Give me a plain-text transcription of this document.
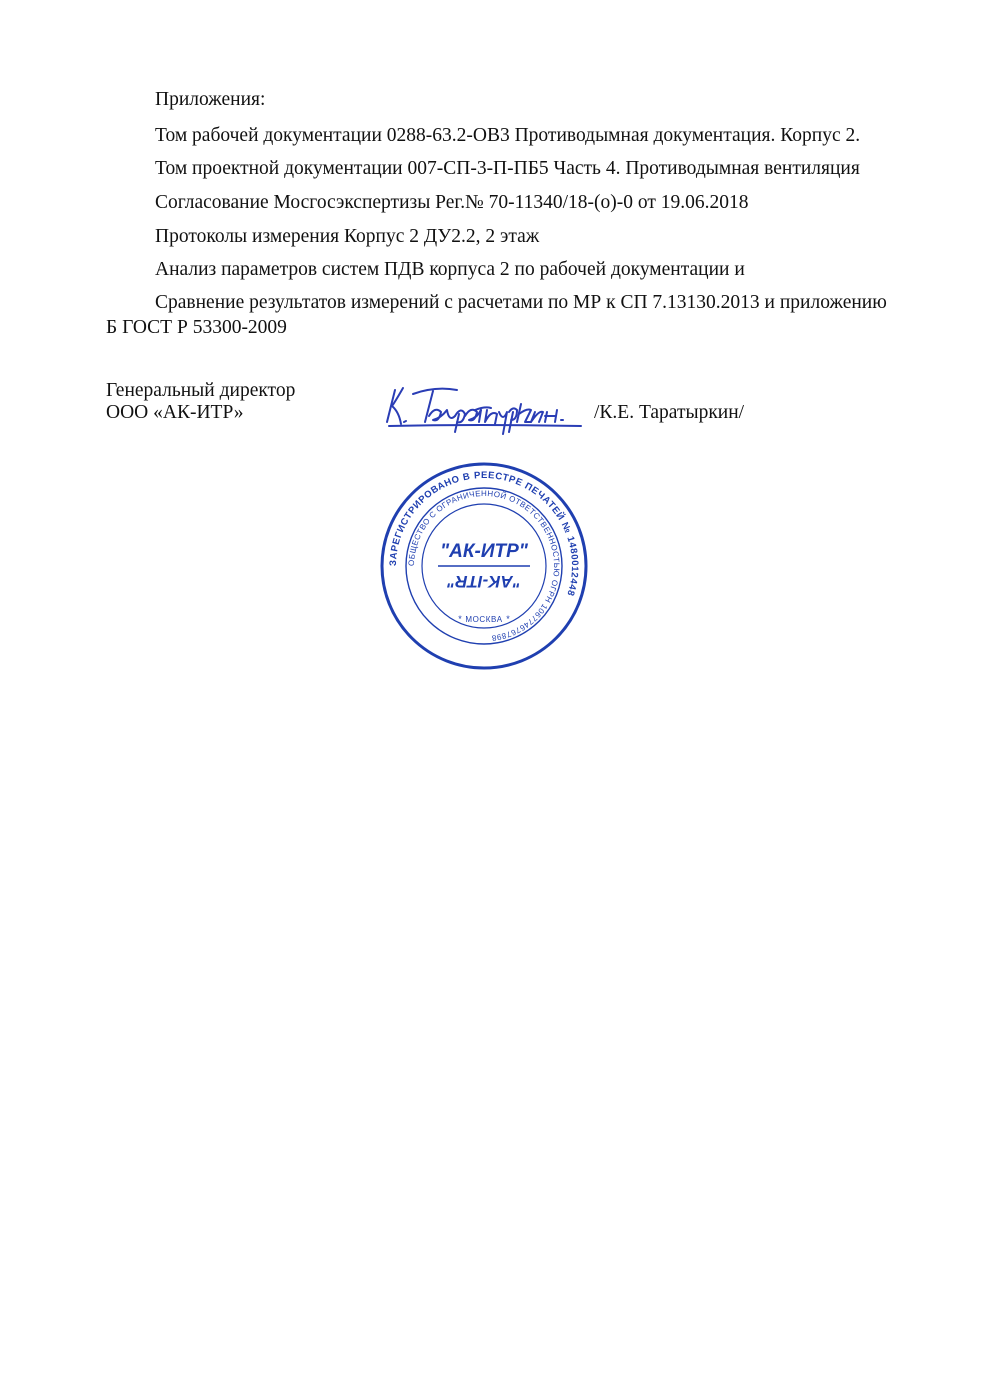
Приложения:
Том рабочей документации 0288-63.2-ОВ3 Противодымная документация. Корпус 2.
Том проектной документации 007-СП-3-П-ПБ5 Часть 4. Противодымная вентиляция
Согласование Мосгосэкспертизы Рег.№ 70-11340/18-(о)-0 от 19.06.2018
Протоколы измерения Корпус 2 ДУ2.2, 2 этаж
Анализ параметров систем ПДВ корпуса 2 по рабочей документации и
Сравнение результатов измерений с расчетами по МР к СП 7.13130.2013 и приложению
Б ГОСТ Р 53300-2009
Генеральный директор
ООО «АК-ИТР»	/К.Е. Таратыркин/
ЗАРЕГИСТРИРОВАНО В РЕЕСТРЕ ПЕЧАТЕЙ № 1480012448
ОБЩЕСТВО С ОГРАНИЧЕННОЙ ОТВЕТСТВЕННОСТЬЮ ОГРН 1067746767898
"АК-ИТР"
"AK-ITR"
МОСКВА
*	*
